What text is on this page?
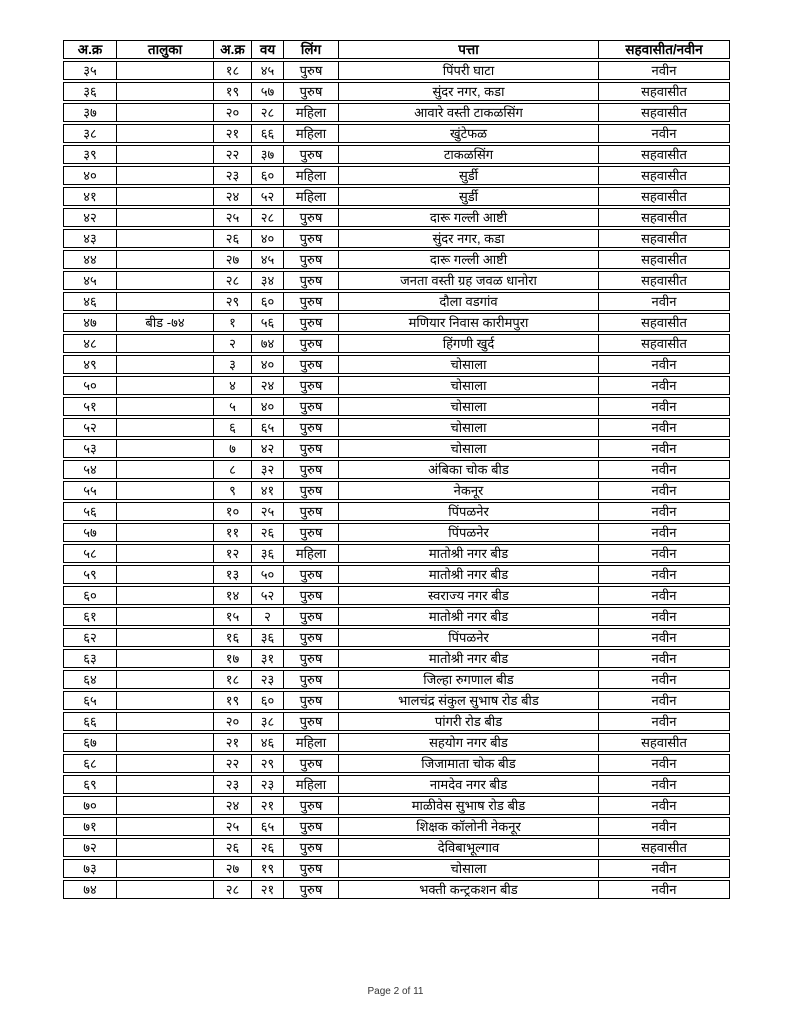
अ.क्र	तालुका	अ.क्र	वय	लिंग	पत्ता	सहवासीत/नवीन
३५		१८	४५	पुरुष	पिंपरी घाटा	नवीन
३६		१९	५७	पुरुष	सुंदर नगर, कडा	सहवासीत
३७		२०	२८	महिला	आवारे वस्ती टाकळसिंग	सहवासीत
३८		२१	६६	महिला	खुंटेफळ	नवीन
३९		२२	३७	पुरुष	टाकळसिंग	सहवासीत
४०		२३	६०	महिला	सुर्डी	सहवासीत
४१		२४	५२	महिला	सुर्डी	सहवासीत
४२		२५	२८	पुरुष	दारू गल्ली आष्टी	सहवासीत
४३		२६	४०	पुरुष	सुंदर नगर, कडा	सहवासीत
४४		२७	४५	पुरुष	दारू गल्ली आष्टी	सहवासीत
४५		२८	३४	पुरुष	जनता वस्ती ग्रह जवळ धानोरा	सहवासीत
४६		२९	६०	पुरुष	दौला वडगांव	नवीन
४७	बीड -७४	१	५६	पुरुष	मणियार निवास कारीमपुरा	सहवासीत
४८		२	७४	पुरुष	हिंगणी खुर्द	सहवासीत
४९		३	४०	पुरुष	चोसाला	नवीन
५०		४	२४	पुरुष	चोसाला	नवीन
५१		५	४०	पुरुष	चोसाला	नवीन
५२		६	६५	पुरुष	चोसाला	नवीन
५३		७	४२	पुरुष	चोसाला	नवीन
५४		८	३२	पुरुष	अंबिका चोक बीड	नवीन
५५		९	४१	पुरुष	नेकनूर	नवीन
५६		१०	२५	पुरुष	पिंपळनेर	नवीन
५७		११	२६	पुरुष	पिंपळनेर	नवीन
५८		१२	३६	महिला	मातोश्री नगर बीड	नवीन
५९		१३	५०	पुरुष	मातोश्री नगर बीड	नवीन
६०		१४	५२	पुरुष	स्वराज्य नगर बीड	नवीन
६१		१५	२	पुरुष	मातोश्री नगर बीड	नवीन
६२		१६	३६	पुरुष	पिंपळनेर	नवीन
६३		१७	३१	पुरुष	मातोश्री नगर बीड	नवीन
६४		१८	२३	पुरुष	जिल्हा रुगणाल बीड	नवीन
६५		१९	६०	पुरुष	भालचंद्र संकुल सुभाष रोड बीड	नवीन
६६		२०	३८	पुरुष	पांगरी रोड बीड	नवीन
६७		२१	४६	महिला	सहयोग नगर बीड	सहवासीत
६८		२२	२९	पुरुष	जिजामाता चोक बीड	नवीन
६९		२३	२३	महिला	नामदेव नगर बीड	नवीन
७०		२४	२१	पुरुष	माळीवेस सुभाष रोड बीड	नवीन
७१		२५	६५	पुरुष	शिक्षक कॉलोनी नेकनूर	नवीन
७२		२६	२६	पुरुष	देविबाभूल्गाव	सहवासीत
७३		२७	१९	पुरुष	चोसाला	नवीन
७४		२८	२१	पुरुष	भक्ती कन्ट्रकशन बीड	नवीन
Page 2 of 11
